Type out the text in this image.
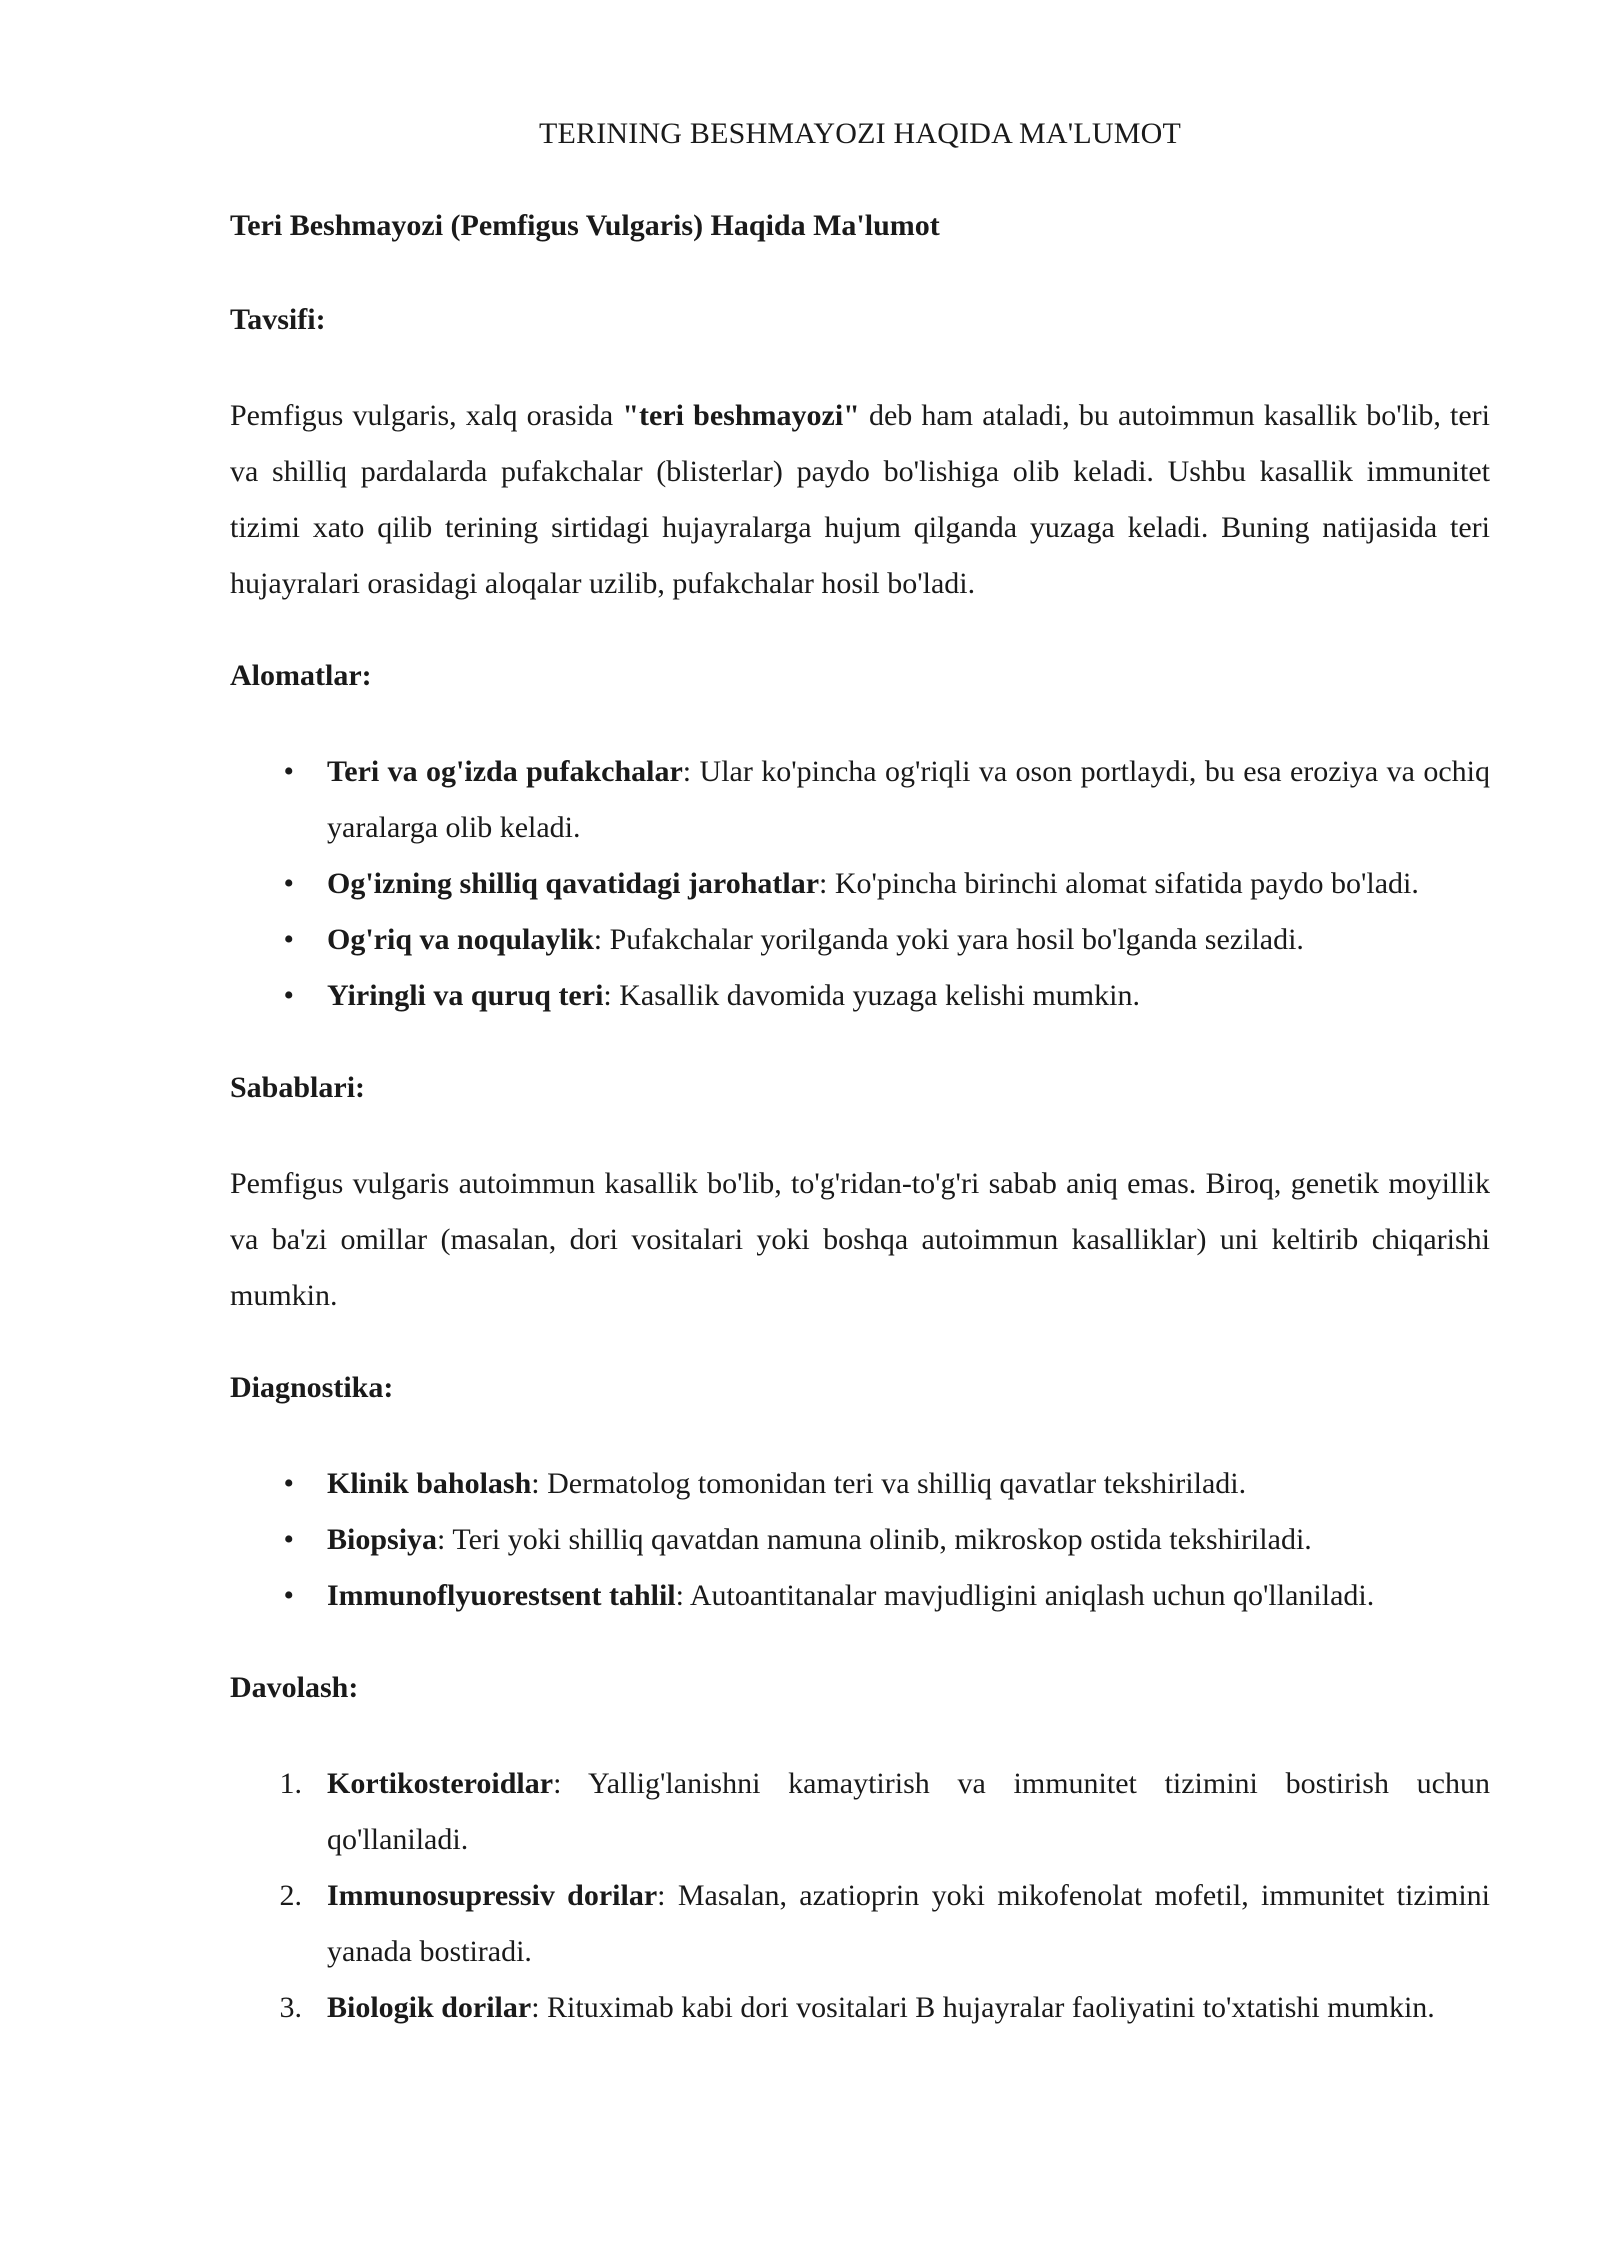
TERINING BESHMAYOZI HAQIDA MA'LUMOT
Teri Beshmayozi (Pemfigus Vulgaris) Haqida Ma'lumot
Tavsifi:

Pemfigus vulgaris, xalq orasida "teri beshmayozi" deb ham ataladi, bu autoimmun kasallik bo'lib, teri va shilliq pardalarda pufakchalar (blisterlar) paydo bo'lishiga olib keladi. Ushbu kasallik immunitet tizimi xato qilib terining sirtidagi hujayralarga hujum qilganda yuzaga keladi. Buning natijasida teri hujayralari orasidagi aloqalar uzilib, pufakchalar hosil bo'ladi.

Alomatlar:
• Teri va og'izda pufakchalar: Ular ko'pincha og'riqli va oson portlaydi, bu esa eroziya va ochiq yaralarga olib keladi.
• Og'izning shilliq qavatidagi jarohatlar: Ko'pincha birinchi alomat sifatida paydo bo'ladi.
• Og'riq va noqulaylik: Pufakchalar yorilganda yoki yara hosil bo'lganda seziladi.
• Yiringli va quruq teri: Kasallik davomida yuzaga kelishi mumkin.
Sabablari:

Pemfigus vulgaris autoimmun kasallik bo'lib, to'g'ridan-to'g'ri sabab aniq emas. Biroq, genetik moyillik va ba'zi omillar (masalan, dori vositalari yoki boshqa autoimmun kasalliklar) uni keltirib chiqarishi mumkin.

Diagnostika:
• Klinik baholash: Dermatolog tomonidan teri va shilliq qavatlar tekshiriladi.
• Biopsiya: Teri yoki shilliq qavatdan namuna olinib, mikroskop ostida tekshiriladi.
• Immunoflyuorestsent tahlil: Autoantitanalar mavjudligini aniqlash uchun qo'llaniladi.
Davolash:
1. Kortikosteroidlar: Yallig'lanishni kamaytirish va immunitet tizimini bostirish uchun qo'llaniladi.
2. Immunosupressiv dorilar: Masalan, azatioprin yoki mikofenolat mofetil, immunitet tizimini yanada bostiradi.
3. Biologik dorilar: Rituximab kabi dori vositalari B hujayralar faoliyatini to'xtatishi mumkin.
